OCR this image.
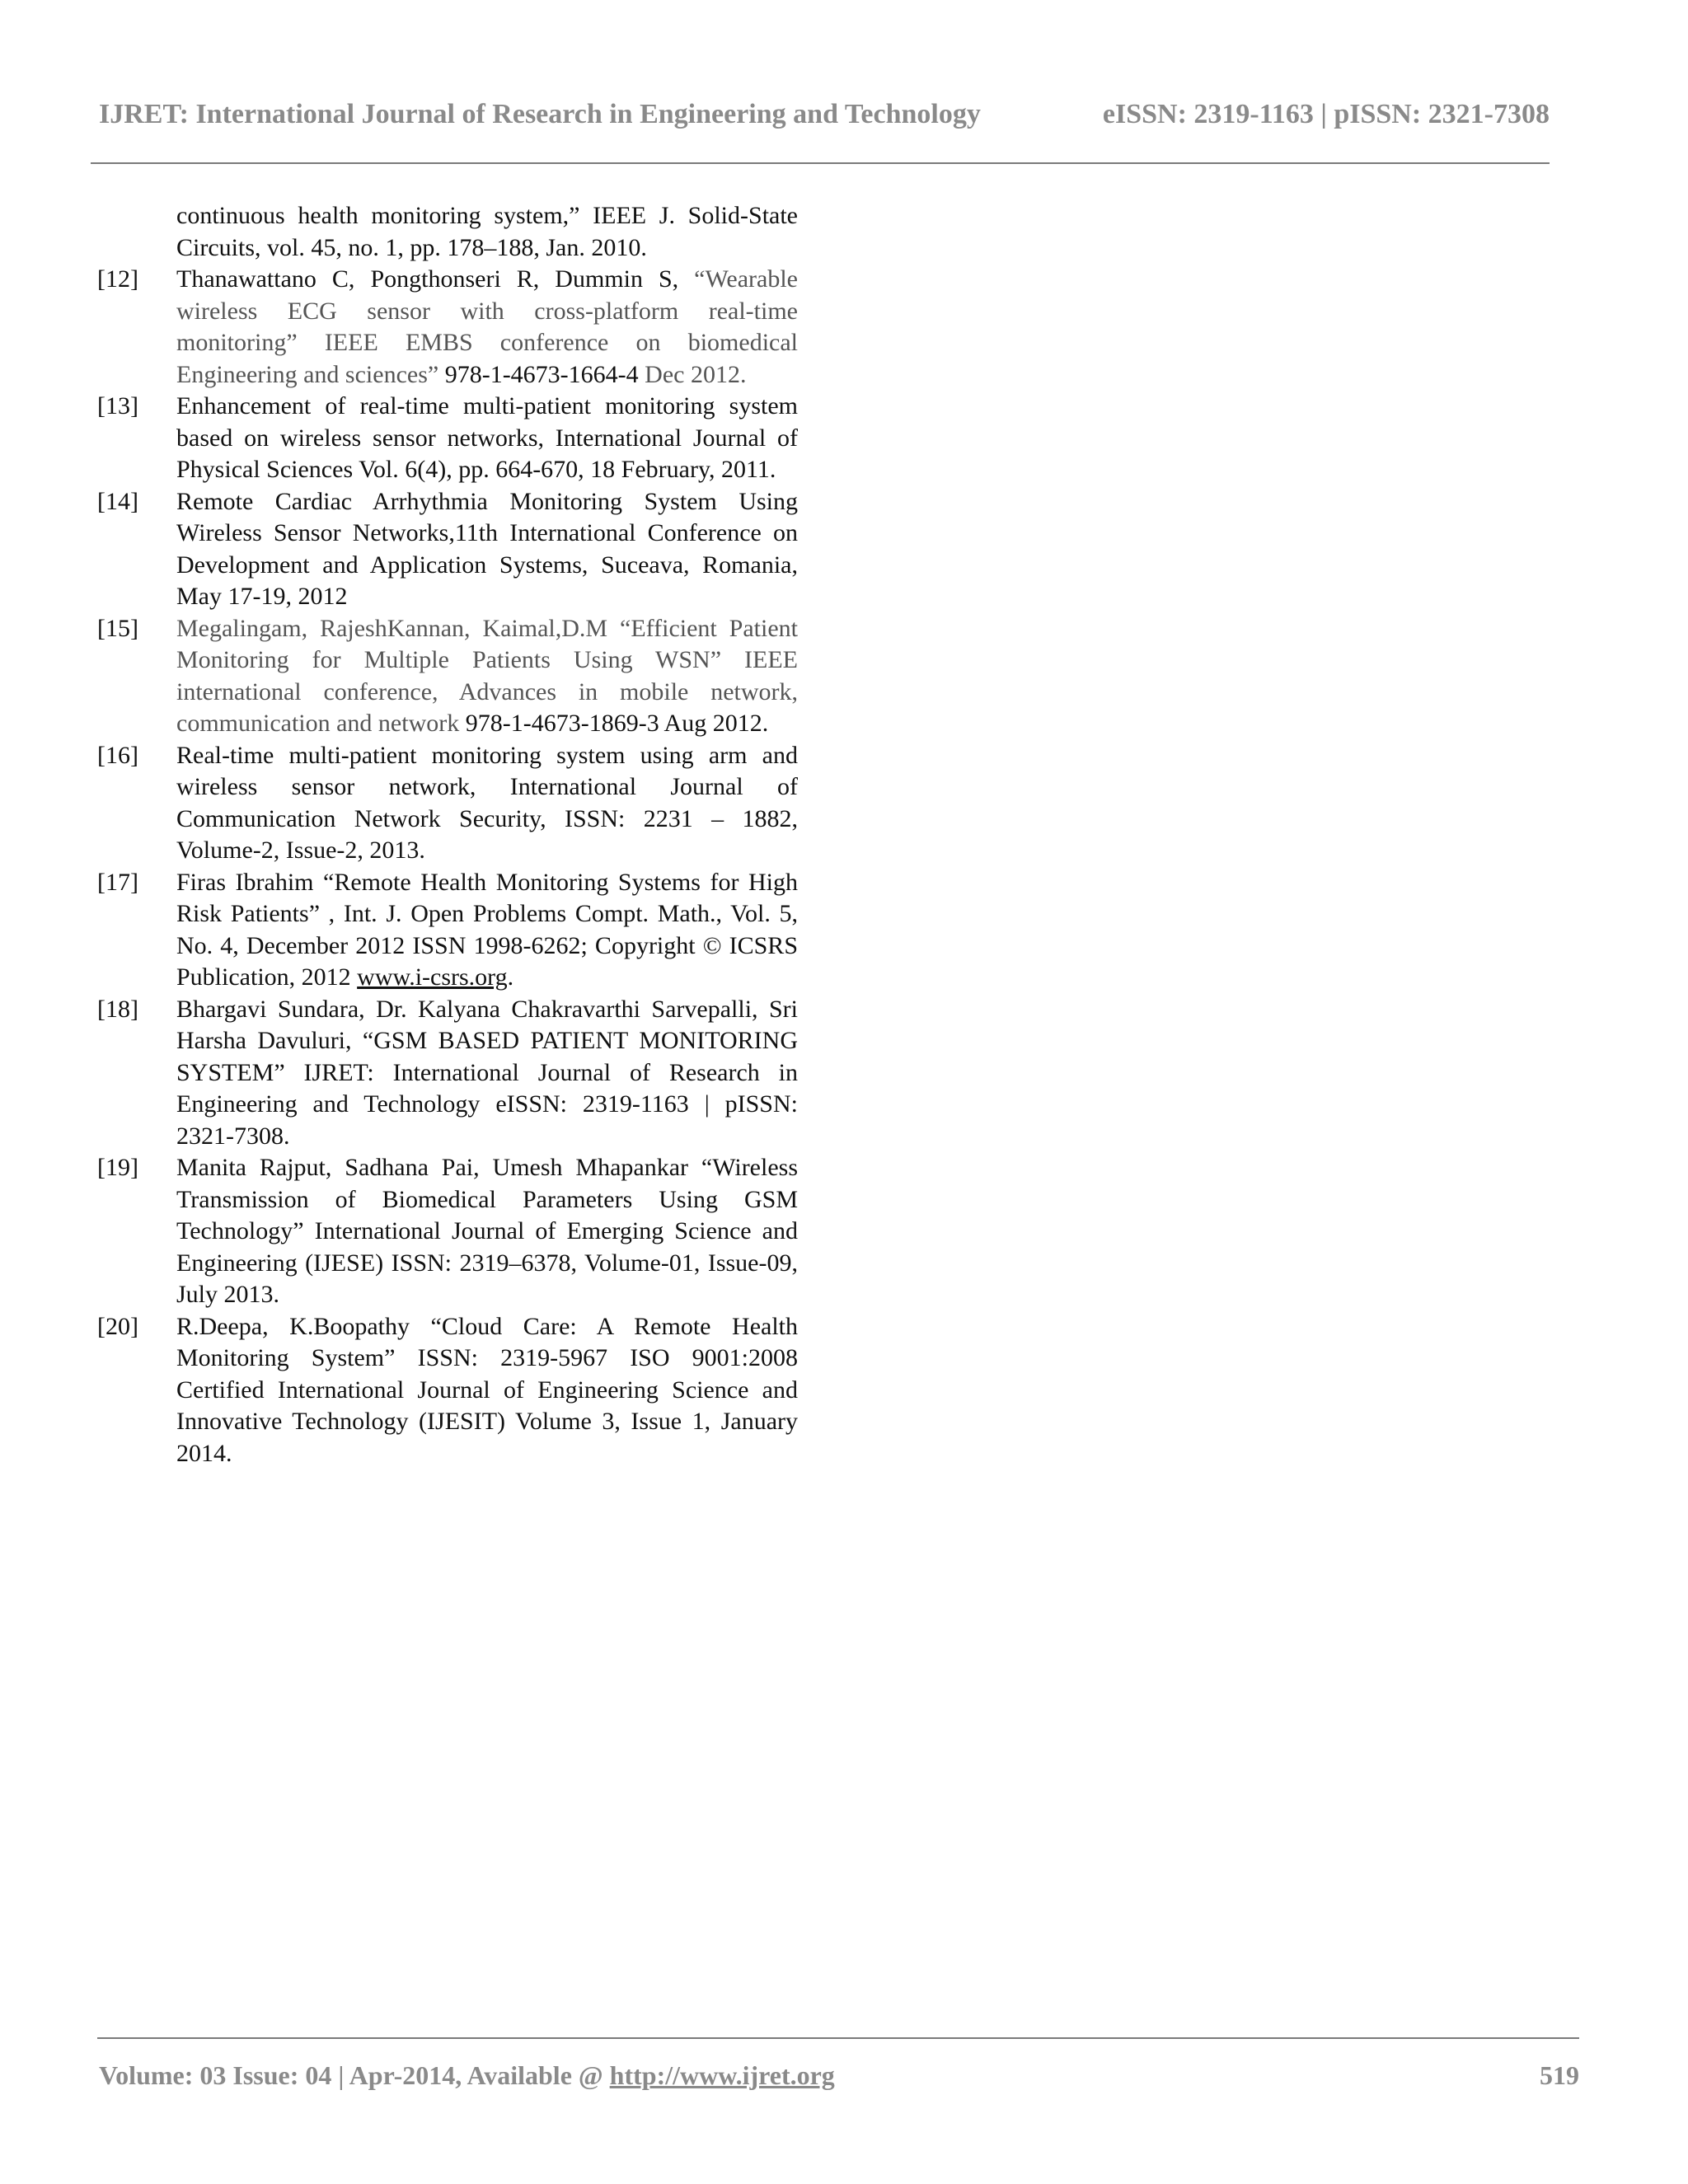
IJRET: International Journal of Research in Engineering and Technology	eISSN: 2319-1163 | pISSN: 2321-7308
continuous health monitoring system,” IEEE J. Solid-State Circuits, vol. 45, no. 1, pp. 178–188, Jan. 2010.
[12]	Thanawattano C, Pongthonseri R, Dummin S, “Wearable wireless ECG sensor with cross-platform real-time monitoring” IEEE EMBS conference on biomedical Engineering and sciences” 978-1-4673-1664-4 Dec 2012.
[13]	Enhancement of real-time multi-patient monitoring system based on wireless sensor networks, International Journal of Physical Sciences Vol. 6(4), pp. 664-670, 18 February, 2011.
[14]	Remote Cardiac Arrhythmia Monitoring System Using Wireless Sensor Networks,11th International Conference on Development and Application Systems, Suceava, Romania, May 17-19, 2012
[15]	Megalingam, RajeshKannan, Kaimal,D.M “Efficient Patient Monitoring for Multiple Patients Using WSN” IEEE international conference, Advances in mobile network, communication and network 978-1-4673-1869-3 Aug 2012.
[16]	Real-time multi-patient monitoring system using arm and wireless sensor network, International Journal of Communication Network Security, ISSN: 2231 – 1882, Volume-2, Issue-2, 2013.
[17]	Firas Ibrahim “Remote Health Monitoring Systems for High Risk Patients” , Int. J. Open Problems Compt. Math., Vol. 5, No. 4, December 2012 ISSN 1998-6262; Copyright © ICSRS Publication, 2012 www.i-csrs.org.
[18]	Bhargavi Sundara, Dr. Kalyana Chakravarthi Sarvepalli, Sri Harsha Davuluri, “GSM BASED PATIENT MONITORING SYSTEM” IJRET: International Journal of Research in Engineering and Technology eISSN: 2319-1163 | pISSN: 2321-7308.
[19]	Manita Rajput, Sadhana Pai, Umesh Mhapankar “Wireless Transmission of Biomedical Parameters Using GSM Technology” International Journal of Emerging Science and Engineering (IJESE) ISSN: 2319–6378, Volume-01, Issue-09, July 2013.
[20]	R.Deepa, K.Boopathy “Cloud Care: A Remote Health Monitoring System” ISSN: 2319-5967 ISO 9001:2008 Certified International Journal of Engineering Science and Innovative Technology (IJESIT) Volume 3, Issue 1, January 2014.
Volume: 03 Issue: 04 | Apr-2014, Available @ http://www.ijret.org	519
